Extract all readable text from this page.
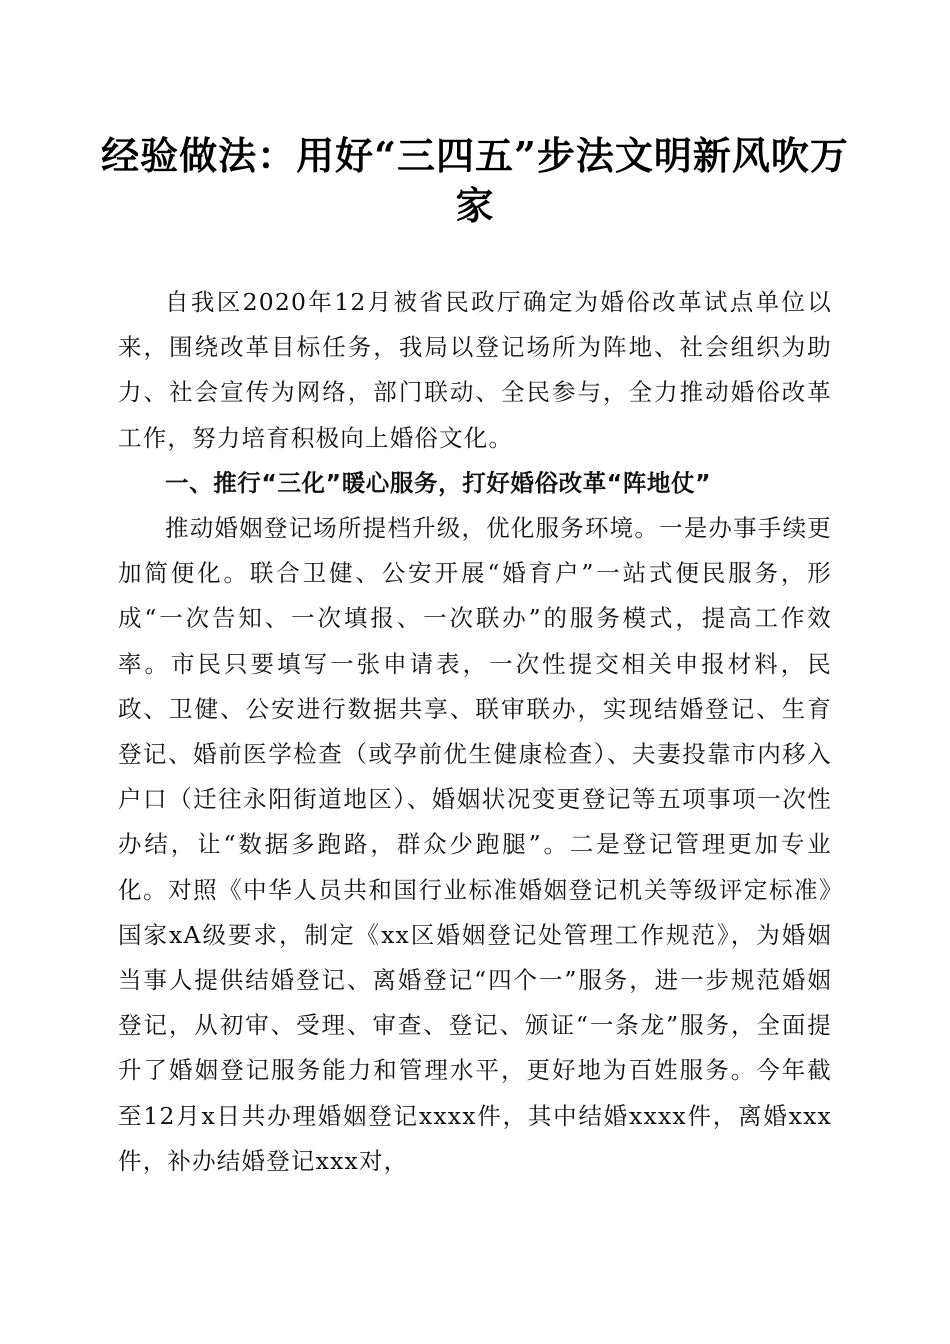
经验做法：用好“三四五”步法文明新风吹万家

自我区2020年12月被省民政厅确定为婚俗改革试点单位以来，围绕改革目标任务，我局以登记场所为阵地、社会组织为助力、社会宣传为网络，部门联动、全民参与，全力推动婚俗改革工作，努力培育积极向上婚俗文化。

一、推行“三化”暖心服务，打好婚俗改革“阵地仗”

推动婚姻登记场所提档升级，优化服务环境。一是办事手续更加简便化。联合卫健、公安开展“婚育户”一站式便民服务，形成“一次告知、一次填报、一次联办”的服务模式，提高工作效率。市民只要填写一张申请表，一次性提交相关申报材料，民政、卫健、公安进行数据共享、联审联办，实现结婚登记、生育登记、婚前医学检查（或孕前优生健康检查）、夫妻投靠市内移入户口（迁往永阳街道地区）、婚姻状况变更登记等五项事项一次性办结，让“数据多跑路，群众少跑腿”。二是登记管理更加专业化。对照《中华人员共和国行业标准婚姻登记机关等级评定标准》国家xA级要求，制定《xx区婚姻登记处管理工作规范》，为婚姻当事人提供结婚登记、离婚登记“四个一”服务，进一步规范婚姻登记，从初审、受理、审查、登记、颁证“一条龙”服务，全面提升了婚姻登记服务能力和管理水平，更好地为百姓服务。今年截至12月x日共办理婚姻登记xxxx件，其中结婚xxxx件，离婚xxx件，补办结婚登记xxx对，
